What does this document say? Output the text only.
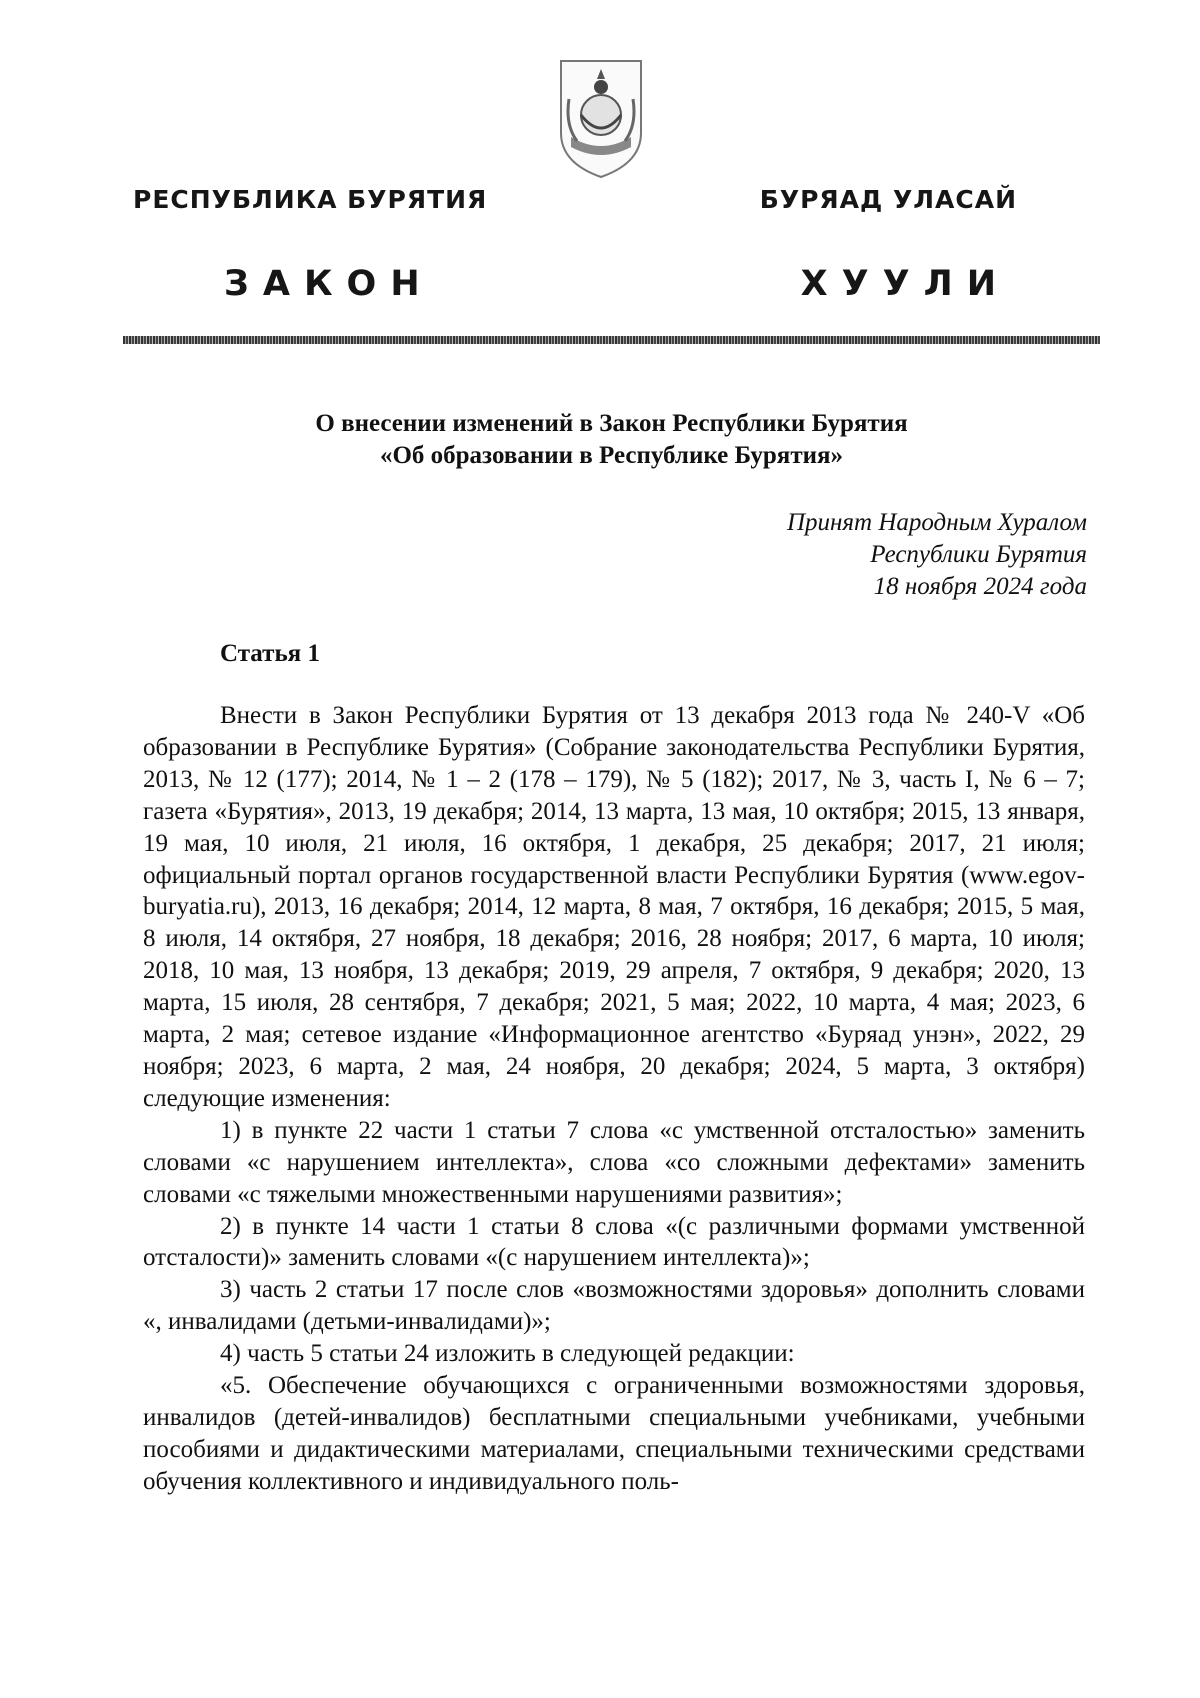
РЕСПУБЛИКА БУРЯТИЯ	БУРЯАД УЛАСАЙ
ЗАКОН	ХУУЛИ
О внесении изменений в Закон Республики Бурятия
«Об образовании в Республике Бурятия»
Принят Народным Хуралом
Республики Бурятия
18 ноября 2024 года
Статья 1

Внести в Закон Республики Бурятия от 13 декабря 2013 года № 240-V «Об образовании в Республике Бурятия» (Собрание законодательства Республики Бурятия, 2013, № 12 (177); 2014, № 1 – 2 (178 – 179), № 5 (182); 2017, № 3, часть I, № 6 – 7; газета «Бурятия», 2013, 19 декабря; 2014, 13 марта, 13 мая, 10 октября; 2015, 13 января, 19 мая, 10 июля, 21 июля, 16 октября, 1 декабря, 25 декабря; 2017, 21 июля; официальный портал органов государственной власти Республики Бурятия (www.egov-buryatia.ru), 2013, 16 декабря; 2014, 12 марта, 8 мая, 7 октября, 16 декабря; 2015, 5 мая, 8 июля, 14 октября, 27 ноября, 18 декабря; 2016, 28 ноября; 2017, 6 марта, 10 июля; 2018, 10 мая, 13 ноября, 13 декабря; 2019, 29 апреля, 7 октября, 9 декабря; 2020, 13 марта, 15 июля, 28 сентября, 7 декабря; 2021, 5 мая; 2022, 10 марта, 4 мая; 2023, 6 марта, 2 мая; сетевое издание «Информационное агентство «Буряад унэн», 2022, 29 ноября; 2023, 6 марта, 2 мая, 24 ноября, 20 декабря; 2024, 5 марта, 3 октября) следующие изменения:

1) в пункте 22 части 1 статьи 7 слова «с умственной отсталостью» заменить словами «с нарушением интеллекта», слова «со сложными дефектами» заменить словами «с тяжелыми множественными нарушениями развития»;

2) в пункте 14 части 1 статьи 8 слова «(с различными формами умственной отсталости)» заменить словами «(с нарушением интеллекта)»;

3) часть 2 статьи 17 после слов «возможностями здоровья» дополнить словами «, инвалидами (детьми-инвалидами)»;

4) часть 5 статьи 24 изложить в следующей редакции:

«5. Обеспечение обучающихся с ограниченными возможностями здоровья, инвалидов (детей-инвалидов) бесплатными специальными учебниками, учебными пособиями и дидактическими материалами, специальными техническими средствами обучения коллективного и индивидуального поль-
